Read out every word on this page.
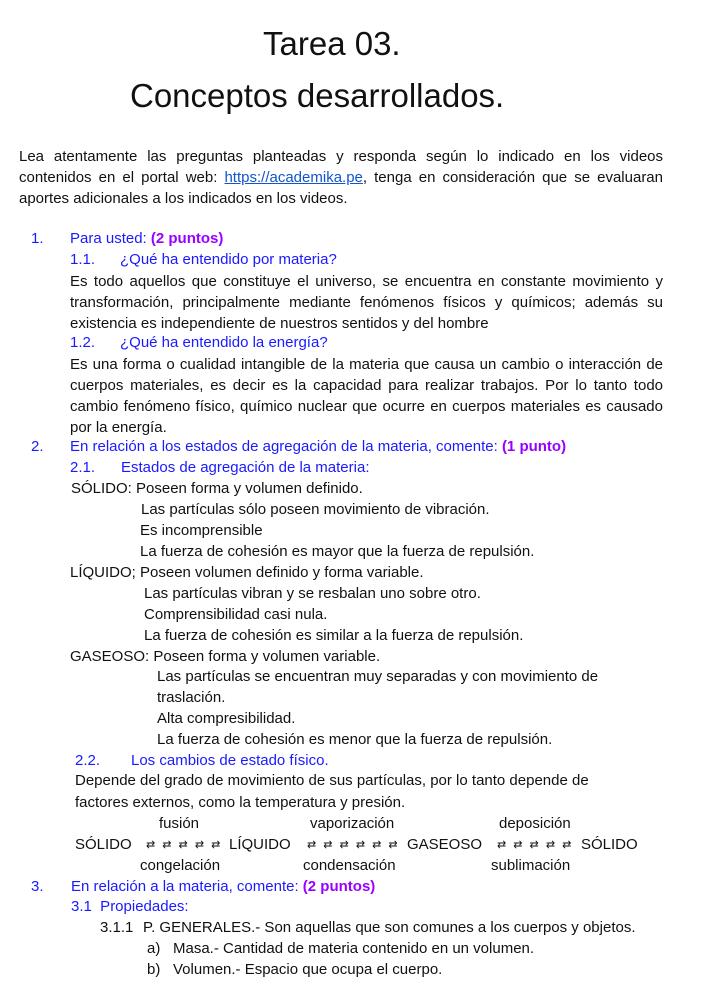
Tarea 03.
Conceptos desarrollados.
Lea atentamente las preguntas planteadas y responda según lo indicado en los videos contenidos en el portal web: https://academika.pe, tenga en consideración que se evaluaran aportes adicionales a los indicados en los videos.
1. Para usted: (2 puntos)
1.1. ¿Qué ha entendido por materia?
Es todo aquellos que constituye el universo, se encuentra en constante movimiento y transformación, principalmente mediante fenómenos físicos y químicos; además su existencia es independiente de nuestros sentidos y del hombre
1.2. ¿Qué ha entendido la energía?
Es una forma o cualidad intangible de la materia que causa un cambio o interacción de cuerpos materiales, es decir es la capacidad para realizar trabajos. Por lo tanto todo cambio fenómeno físico, químico nuclear que ocurre en cuerpos materiales es causado por la energía.
2. En relación a los estados de agregación de la materia, comente: (1 punto)
2.1. Estados de agregación de la materia:
SÓLIDO: Poseen forma y volumen definido.
Las partículas sólo poseen movimiento de vibración.
Es incomprensible
La fuerza de cohesión es mayor que la fuerza de repulsión.
LÍQUIDO; Poseen volumen definido y forma variable.
Las partículas vibran y se resbalan uno sobre otro.
Comprensibilidad casi nula.
La fuerza de cohesión es similar a la fuerza de repulsión.
GASEOSO: Poseen forma y volumen variable.
Las partículas se encuentran muy separadas y con movimiento de
traslación.
Alta compresibilidad.
La fuerza de cohesión es menor que la fuerza de repulsión.
2.2. Los cambios de estado físico.
Depende del grado de movimiento de sus partículas, por lo tanto depende de
factores externos, como la temperatura y presión.
fusión	vaporización	deposición
SÓLIDO ⇄ ⇄ ⇄ ⇄ ⇄ LÍQUIDO ⇄ ⇄ ⇄ ⇄ ⇄ ⇄ GASEOSO ⇄ ⇄ ⇄ ⇄ ⇄ SÓLIDO
congelación	condensación	sublimación
3. En relación a la materia, comente: (2 puntos)
3.1  Propiedades:
3.1.1 P. GENERALES.- Son aquellas que son comunes a los cuerpos y objetos.
a) Masa.- Cantidad de materia contenido en un volumen.
b) Volumen.- Espacio que ocupa el cuerpo.
